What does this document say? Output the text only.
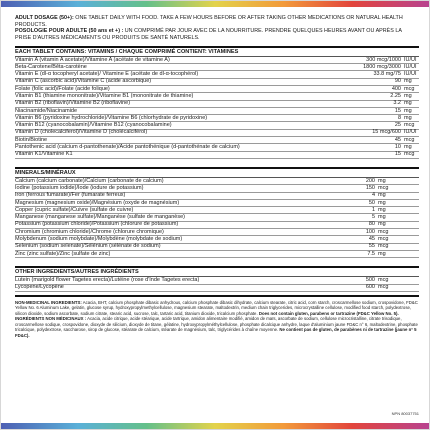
ADULT DOSAGE (50+): ONE TABLET DAILY WITH FOOD. TAKE A FEW HOURS BEFORE OR AFTER TAKING OTHER MEDICATIONS OR NATURAL HEALTH PRODUCTS.

POSOLOGIE POUR ADULTE (50 ans et +) : UN COMPRIMÉ PAR JOUR AVEC DE LA NOURRITURE. PRENDRE QUELQUES HEURES AVANT OU APRÈS LA PRISE D'AUTRES MÉDICAMENTS OU PRODUITS DE SANTÉ NATURELS.

EACH TABLET CONTAINS: VITAMINS / CHAQUE COMPRIMÉ CONTIENT: VITAMINES
Vitamin A (vitamin A acetate)/Vitamine A (acétate de vitamine A)	300 mcg/1000 IU/UI
Beta-Carotene/Bêta-carotène	1800 mcg/3000 IU/UI
Vitamin E (dl-α tocopheryl acetate)/ Vitamine E (acétate de dl-α-tocophérol)	33.8 mg/75 IU/UI
Vitamin C (ascorbic acid)/Vitamine C (acide ascorbique)	90 mg
Folate (folic acid)/Folate (acide folique)	400 mcg
Vitamin B1 (thiamine mononitrate)/Vitamine B1 (mononitrate de thiamine)	2.25 mg
Vitamin B2 (riboflavin)/Vitamine B2 (riboflavine)	3.2 mg
Niacinamide/Niacinamide	15 mg
Vitamin B6 (pyridoxine hydrochloride)/Vitamine B6 (chlorhydrate de pyridoxine)	8 mg
Vitamin B12 (cyanocobalamin)/Vitamine B12 (cyanocobalamine)	25 mcg
Vitamin D (cholecalciferol)/Vitamine D (cholécalciférol)	15 mcg/600 IU/UI
Biotin/Biotine	45 mcg
Pantothenic acid (calcium d-pantothenate)/Acide pantothénique (d-pantothénate de calcium)	10 mg
Vitamin K1/Vitamine K1	15 mcg
MINERALS/MINÉRAUX
Calcium (calcium carbonate)/Calcium (carbonate de calcium)	200 mg
Iodine (potassium iodide)/Iode (iodure de potassium)	150 mcg
Iron (ferrous fumarate)/Fer (fumarate ferreux)	4 mg
Magnesium (magnesium oxide)/Magnésium (oxyde de magnésium)	50 mg
Copper (cupric sulfate)/Cuivre (sulfate de cuivre)	1 mg
Manganese (manganese sulfate)/Manganèse (sulfate de manganèse)	5 mg
Potassium (potassium chloride)/Potassium (chlorure de potassium)	80 mg
Chromium (chromium chloride)/Chrome (chlorure chromique)	100 mcg
Molybdenum (sodium molybdate)/Molybdène (molybdate de sodium)	45 mcg
Selenium (sodium selenate)/Sélénium (sélénate de sodium)	55 mcg
Zinc (zinc sulfate)/Zinc (sulfate de zinc)	7.5 mg
OTHER INGREDIENTS/AUTRES INGRÉDIENTS
Lutein (marigold flower Tagetes erecta)/Lutéine (rose d'Inde Tagetes erecta)	500 mcg
Lycopene/Lycopène	600 mcg

NON-MEDICINAL INGREDIENTS: Acacia, BHT, calcium phosphate dibasic anhydrous, calcium phosphate dibasic dihydrate, calcium stearate, citric acid, corn starch, croscarmellose sodium, crospovidone, FD&C Yellow No. 6 Aluminum Lake, gelatin, glucose syrup, hydroxypropylmethylcellulose, magnesium stearate, maltodextrin, medium chain triglycerides, microcrystalline cellulose, modified food starch, polydextrose, silicon dioxide, sodium ascorbate, sodium citrate, stearic acid, sucrose, talc, tartaric acid, titanium dioxide, tricalcium phosphate. Does not contain gluten, parabens or tartrazine (FD&C Yellow No. 5).

INGRÉDIENTS NON MÉDICINAUX : Acacia, acide citrique, acide stéarique, acide tartrique, amidon alimentaire modifié, amidon de maïs, ascorbate de sodium, cellulose microcristalline, citrate trisodique, croscarmellose sodique, crospovidone, dioxyde de silicium, dioxyde de titane, gélatine, hydroxypropylméthylcellulose, phosphate dicalcique anhydre, laque d'aluminium jaune FD&C n° 6, maltodextrine, phosphate tricalcique, polydextrose, saccharose, sirop de glucose, stéarate de calcium, stéarate de magnésium, talc, triglycérides à chaîne moyenne. Ne contient pas de gluten, de parabènes ni de tartrazine (jaune n° 5 FD&C).

NPN 80037751
